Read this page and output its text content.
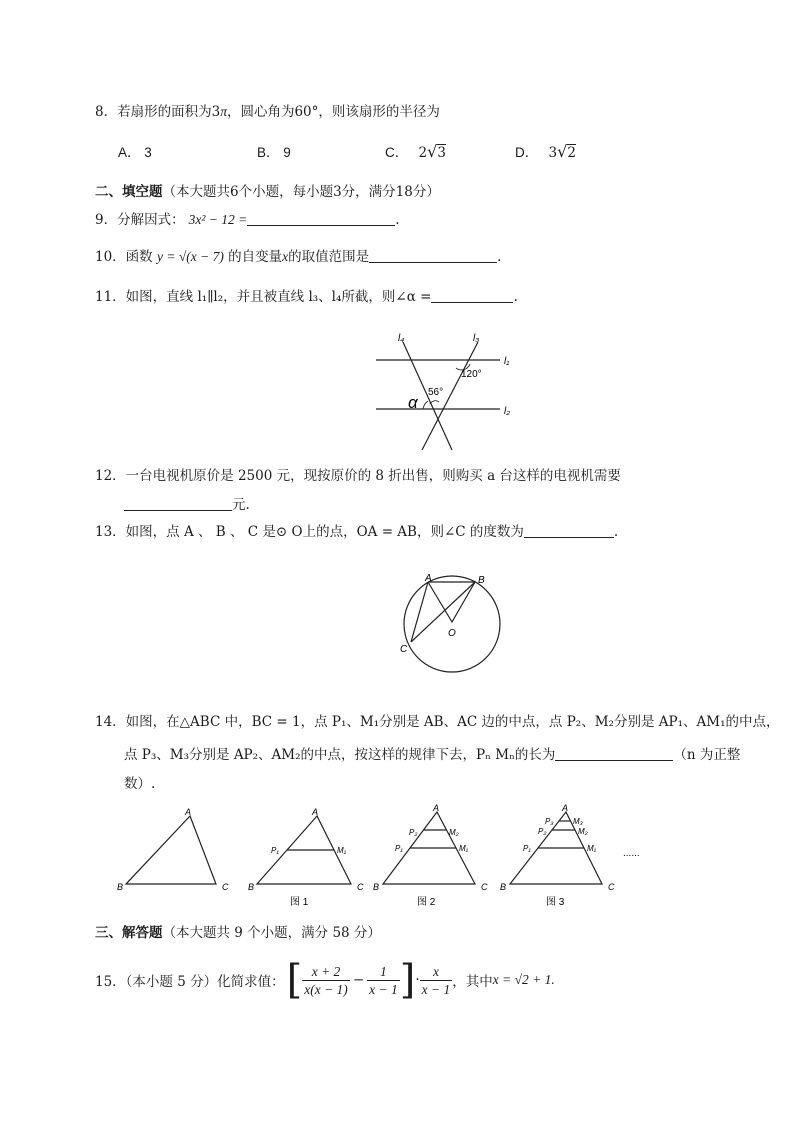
8．若扇形的面积为3π，圆心角为60°，则该扇形的半径为
A． 3	B． 9	C． 2√3	D． 3√2
二、填空题（本大题共6个小题，每小题3分，满分18分）
9．分解因式： 3x² − 12 =	.
10．函数 y = √(x − 7) 的自变量x的取值范围是	.
11．如图，直线 l₁∥l₂，并且被直线 l₃、l₄所截，则∠α =	.
l₄	l₃
l₁
l₂
120°
56°
α
12．一台电视机原价是 2500 元，现按原价的 8 折出售，则购买 a 台这样的电视机需要
元.
13．如图，点 A 、 B 、 C 是⊙ O上的点，OA = AB，则∠C 的度数为	.
A	B
C
O
14．如图，在△ABC 中，BC = 1，点 P₁、M₁分别是 AB、AC 边的中点，点 P₂、M₂分别是 AP₁、AM₁的中点，
点 P₃、M₃分别是 AP₂、AM₂的中点，按这样的规律下去，Pₙ Mₙ的长为	（n 为正整
数）.
A
B	C
A
B	C
P₁	M₁
图 1
A
B	C
P₁	M₁
P₂	M₂
图 2
A
B	C
P₁	M₁
P₂	M₂
P₃ M₃
图 3
......
三、解答题（本大题共 9 个小题，满分 58 分）
15．（本小题 5 分）化简求值： [ $\frac{x + 2}{x(x - 1)} - \frac{1}{x - 1}$ ] · $\frac{x}{x - 1}$ ，其中 x = √2 + 1.
